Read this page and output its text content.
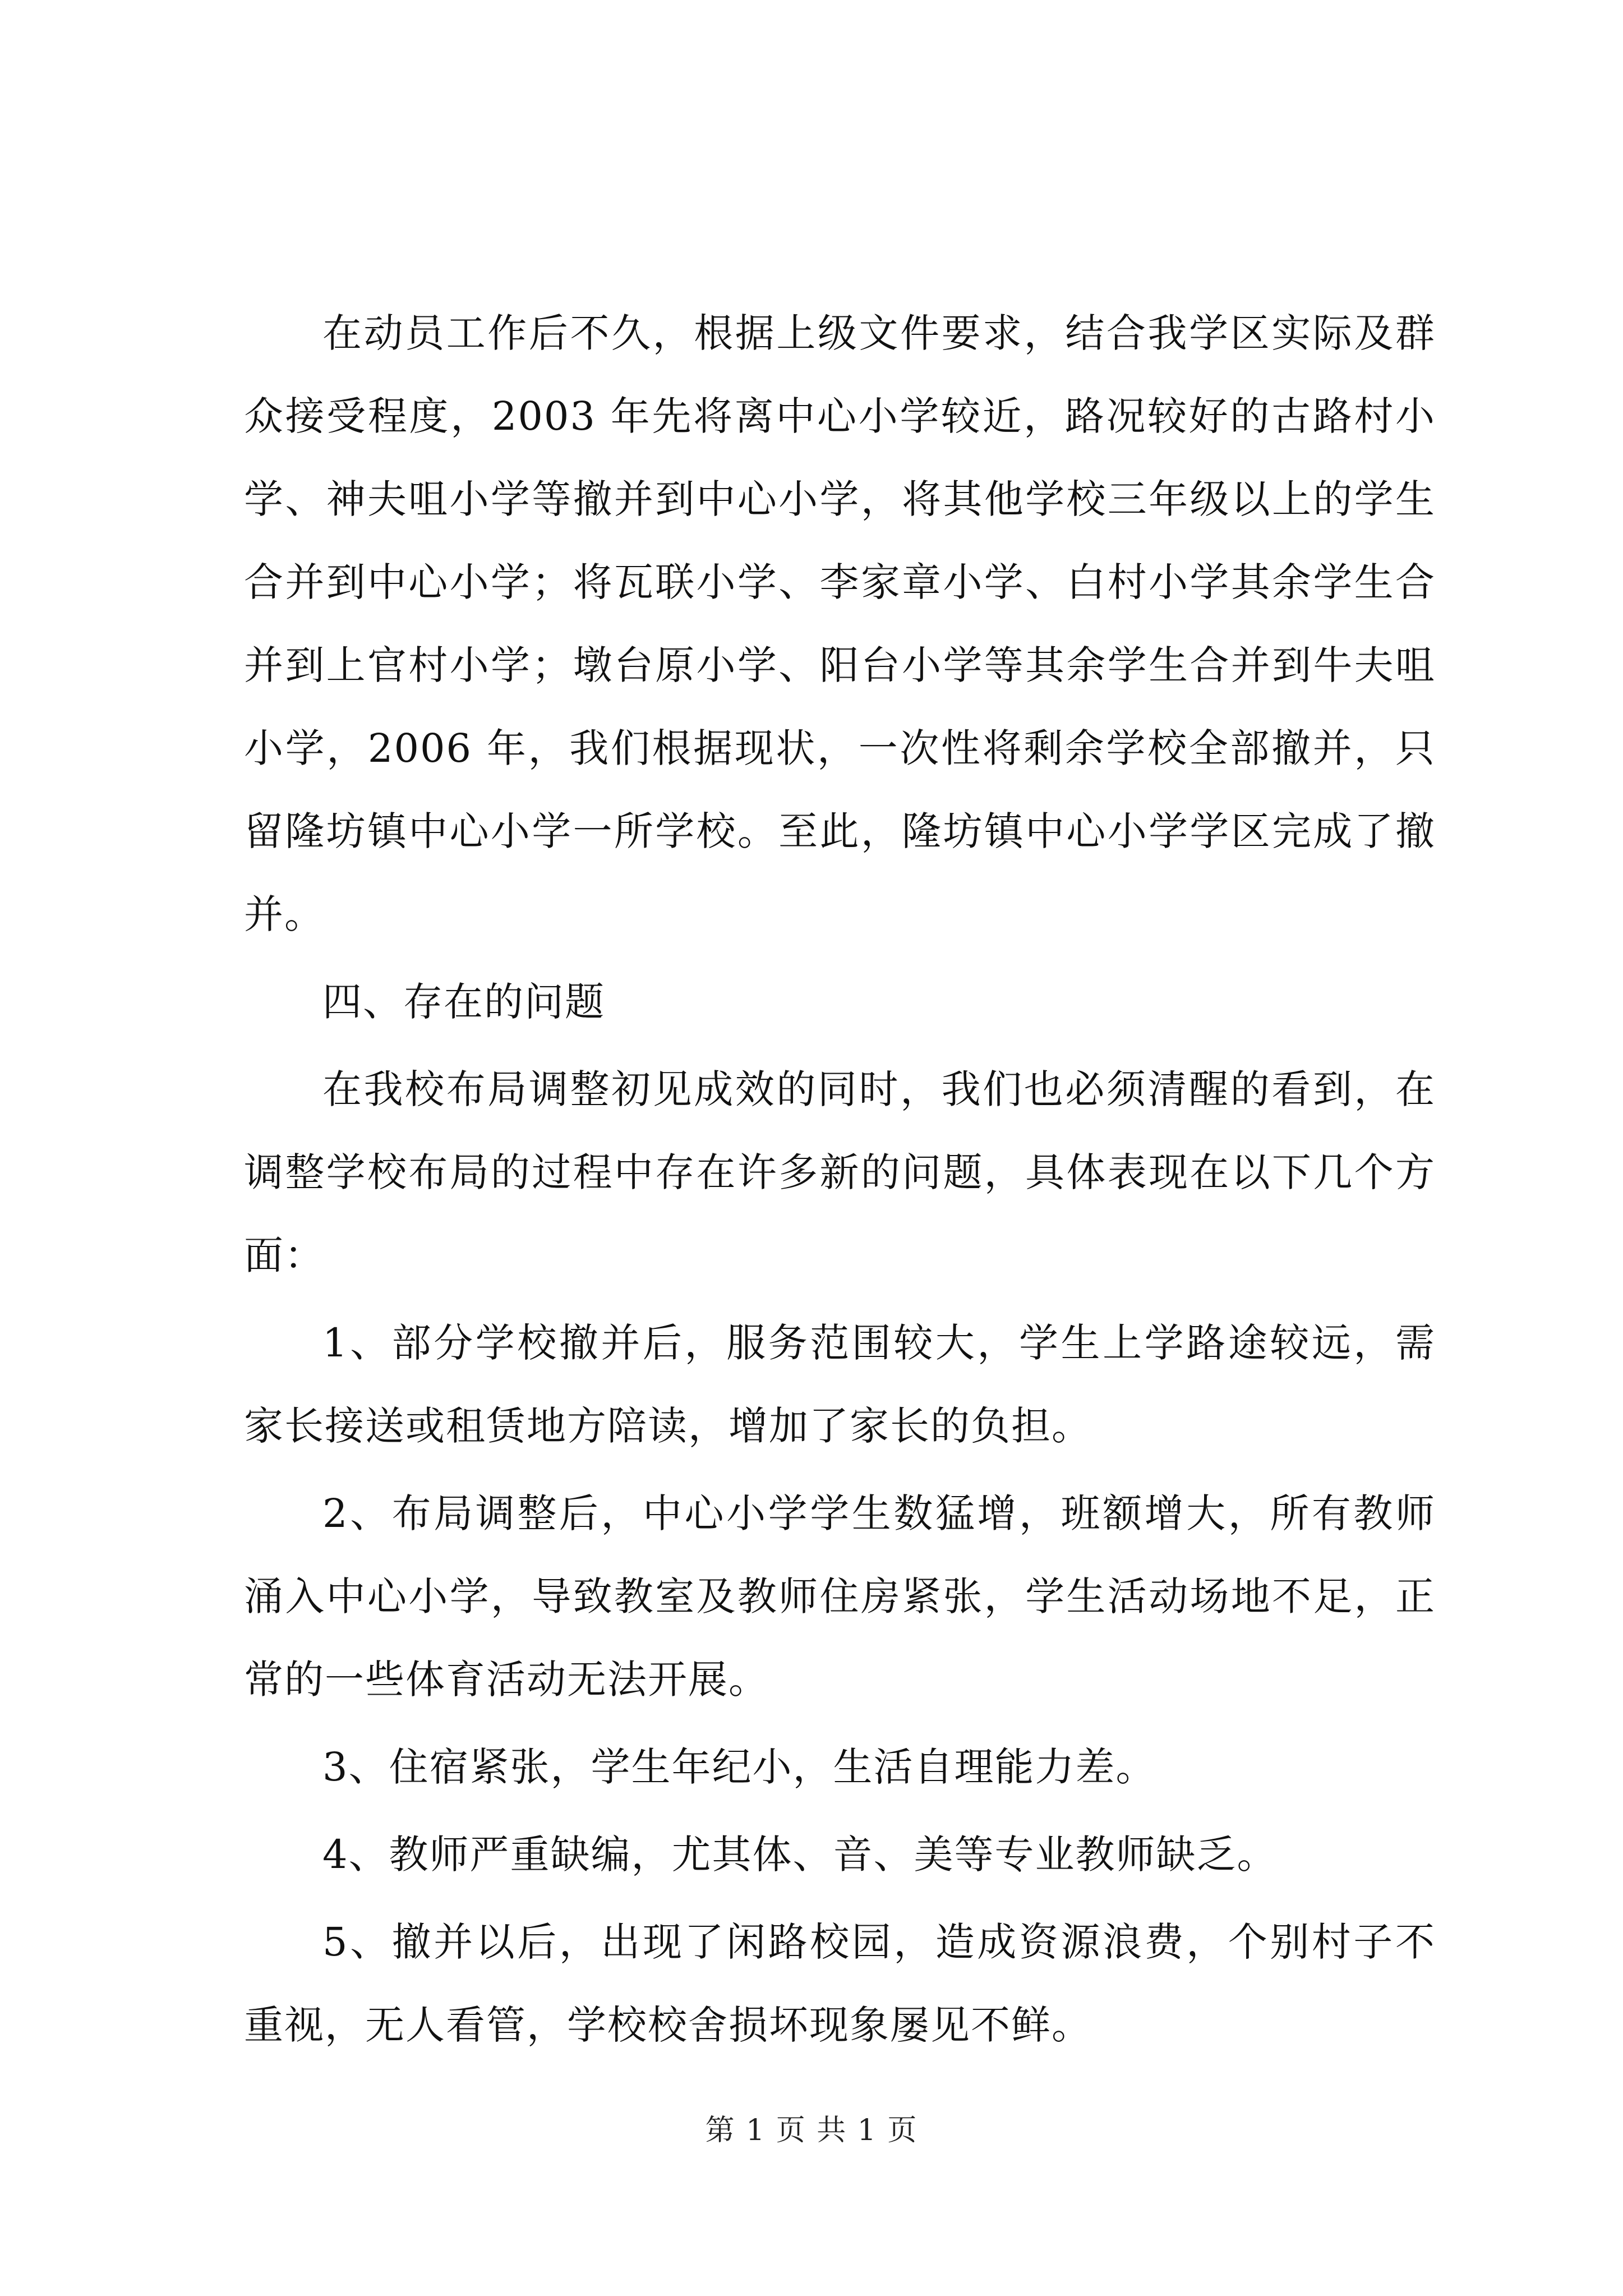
在动员工作后不久，根据上级文件要求，结合我学区实际及群众接受程度，2003 年先将离中心小学较近，路况较好的古路村小学、神夫咀小学等撤并到中心小学，将其他学校三年级以上的学生合并到中心小学；将瓦联小学、李家章小学、白村小学其余学生合并到上官村小学；墩台原小学、阳台小学等其余学生合并到牛夫咀小学，2006 年，我们根据现状，一次性将剩余学校全部撤并，只留隆坊镇中心小学一所学校。至此，隆坊镇中心小学学区完成了撤并。

四、存在的问题

在我校布局调整初见成效的同时，我们也必须清醒的看到，在调整学校布局的过程中存在许多新的问题，具体表现在以下几个方面：

1、部分学校撤并后，服务范围较大，学生上学路途较远，需家长接送或租赁地方陪读，增加了家长的负担。

2、布局调整后，中心小学学生数猛增，班额增大，所有教师涌入中心小学，导致教室及教师住房紧张，学生活动场地不足，正常的一些体育活动无法开展。

3、住宿紧张，学生年纪小，生活自理能力差。

4、教师严重缺编，尤其体、音、美等专业教师缺乏。

5、撤并以后，出现了闲路校园，造成资源浪费，个别村子不重视，无人看管，学校校舍损坏现象屡见不鲜。

第 1 页 共 1 页
